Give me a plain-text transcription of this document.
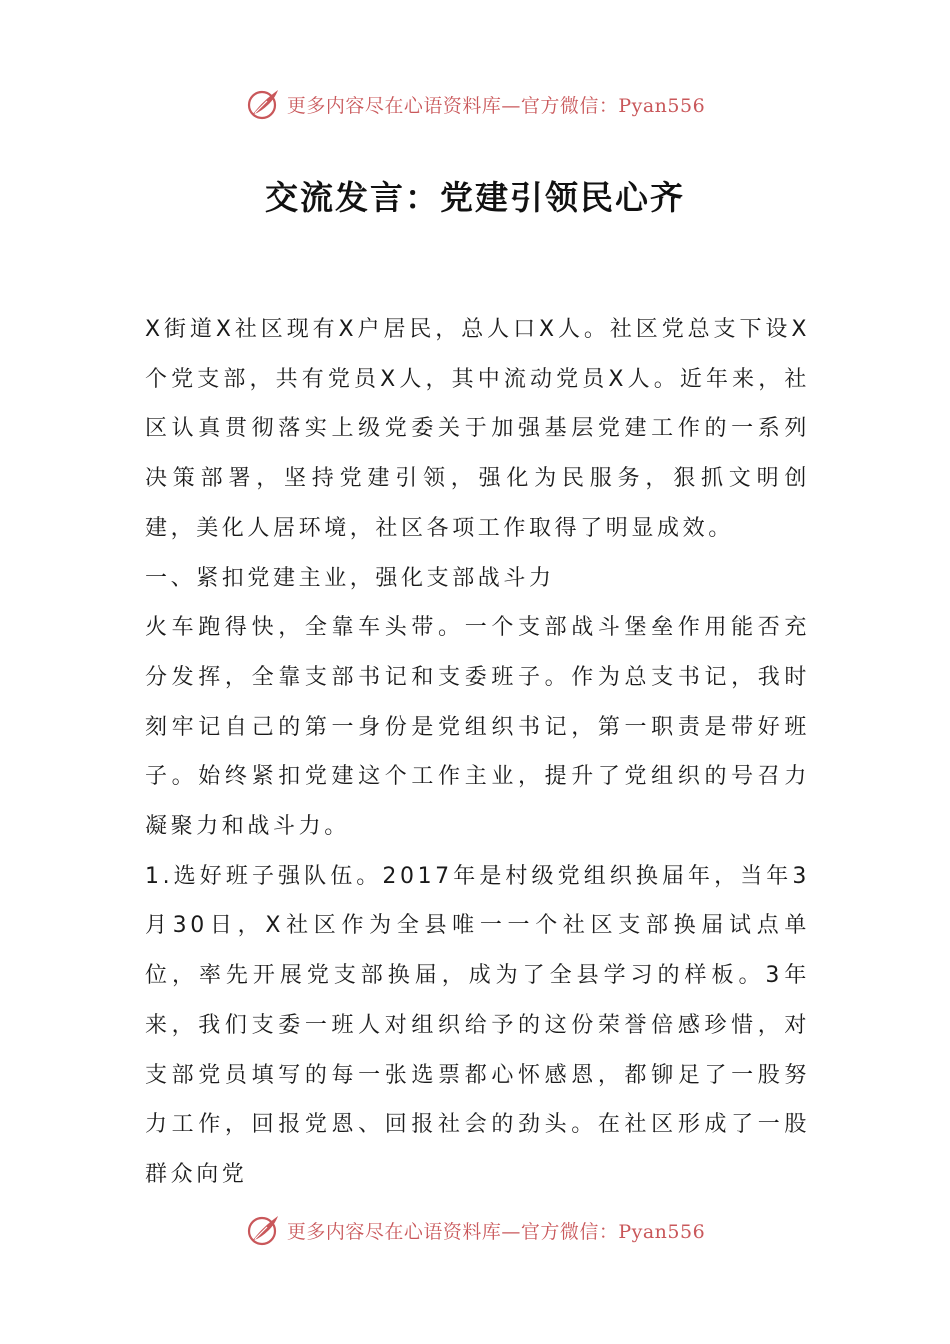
更多内容尽在心语资料库—官方微信：Pyan556
交流发言：党建引领民心齐

X街道X社区现有X户居民，总人口X人。社区党总支下设X个党支部，共有党员X人，其中流动党员X人。近年来，社区认真贯彻落实上级党委关于加强基层党建工作的一系列决策部署，坚持党建引领，强化为民服务，狠抓文明创建，美化人居环境，社区各项工作取得了明显成效。

一、紧扣党建主业，强化支部战斗力

火车跑得快，全靠车头带。一个支部战斗堡垒作用能否充分发挥，全靠支部书记和支委班子。作为总支书记，我时刻牢记自己的第一身份是党组织书记，第一职责是带好班子。始终紧扣党建这个工作主业，提升了党组织的号召力凝聚力和战斗力。

1.选好班子强队伍。2017年是村级党组织换届年，当年3月30日，X社区作为全县唯一一个社区支部换届试点单位，率先开展党支部换届，成为了全县学习的样板。3年来，我们支委一班人对组织给予的这份荣誉倍感珍惜，对支部党员填写的每一张选票都心怀感恩，都铆足了一股努力工作，回报党恩、回报社会的劲头。在社区形成了一股群众向党

更多内容尽在心语资料库—官方微信：Pyan556
